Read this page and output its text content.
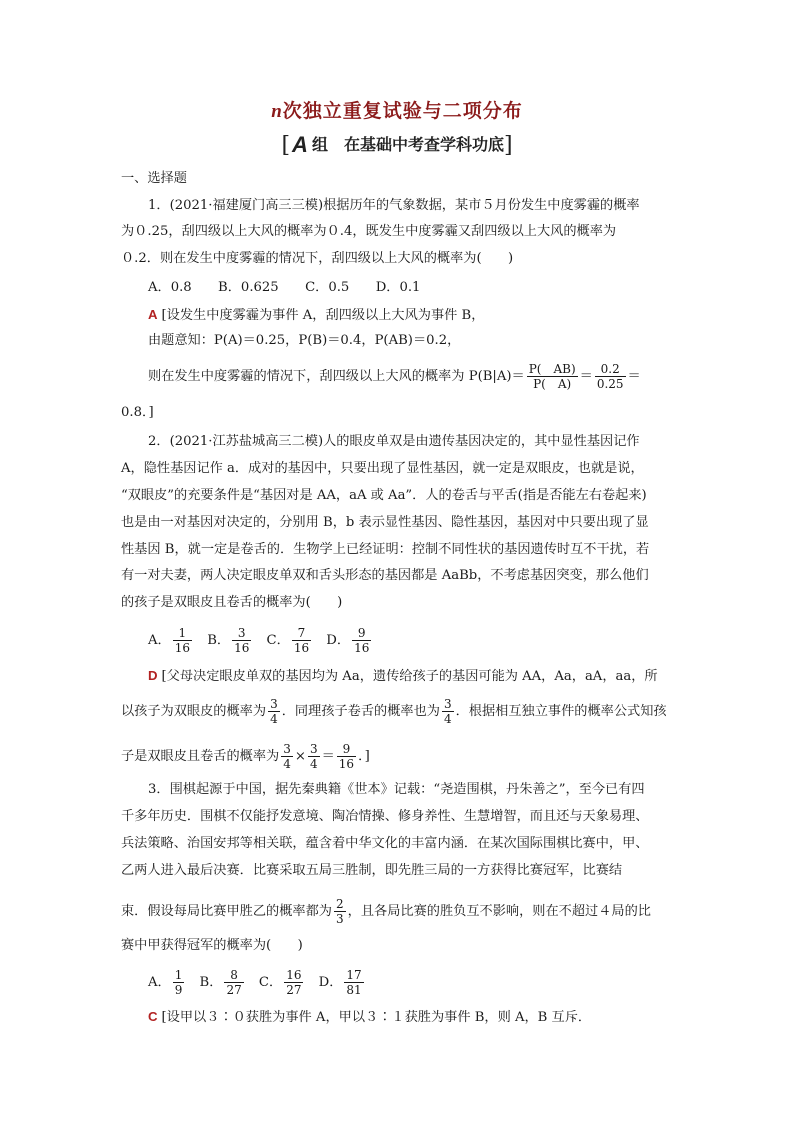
n次独立重复试验与二项分布
[A 组　在基础中考查学科功底]
一、选择题
1．(2021·福建厦门高三三模)根据历年的气象数据，某市５月份发生中度雾霾的概率
为０.25，刮四级以上大风的概率为０.4，既发生中度雾霾又刮四级以上大风的概率为
０.2．则在发生中度雾霾的情况下，刮四级以上大风的概率为(　　)
A．0.8　　B．0.625　　C．0.5　　D．0.1
A [设发生中度雾霾为事件 A，刮四级以上大风为事件 B，
由题意知：P(A)＝0.25，P(B)＝0.4，P(AB)＝0.2，
则在发生中度雾霾的情况下，刮四级以上大风的概率为 $P(B|A)= \frac{P( AB)}{P( A)} = \frac{0.2}{0.25}$ ＝
0.8．]
2．(2021·江苏盐城高三二模)人的眼皮单双是由遗传基因决定的，其中显性基因记作
A，隐性基因记作 a．成对的基因中，只要出现了显性基因，就一定是双眼皮，也就是说，
“双眼皮”的充要条件是“基因对是 AA，aA 或 Aa”．人的卷舌与平舌(指是否能左右卷起来)
也是由一对基因对决定的，分别用 B，b 表示显性基因、隐性基因，基因对中只要出现了显
性基因 B，就一定是卷舌的．生物学上已经证明：控制不同性状的基因遗传时互不干扰，若
有一对夫妻，两人决定眼皮单双和舌头形态的基因都是 AaBb，不考虑基因突变，那么他们
的孩子是双眼皮且卷舌的概率为(　　)
A． $\frac{1}{16}$
　 B． $\frac{3}{16}$
　 C． $\frac{7}{16}$
　 D． $\frac{9}{16}$
D [父母决定眼皮单双的基因均为 Aa，遗传给孩子的基因可能为 AA，Aa，aA，aa，所
以孩子为双眼皮的概率为 $\frac{3}{4}$ ．同理孩子卷舌的概率也为 $\frac{3}{4}$ ．根据相互独立事件的概率公式知孩
子是双眼皮且卷舌的概率为 $\frac{3}{4} \times \frac{3}{4} = \frac{9}{16}$ ．]
3．围棋起源于中国，据先秦典籍《世本》记载：“尧造围棋，丹朱善之”，至今已有四
千多年历史．围棋不仅能抒发意境、陶冶情操、修身养性、生慧增智，而且还与天象易理、
兵法策略、治国安邦等相关联，蕴含着中华文化的丰富内涵．在某次国际围棋比赛中，甲、
乙两人进入最后决赛．比赛采取五局三胜制，即先胜三局的一方获得比赛冠军，比赛结
束．假设每局比赛甲胜乙的概率都为 $\frac{2}{3}$ ，且各局比赛的胜负互不影响，则在不超过４局的比
赛中甲获得冠军的概率为(　　)
A． $\frac{1}{9}$
　 B． $\frac{8}{27}$
　 C． $\frac{16}{27}$
　 D． $\frac{17}{81}$
C [设甲以３∶０获胜为事件 A，甲以３∶１获胜为事件 B，则 A，B 互斥．
